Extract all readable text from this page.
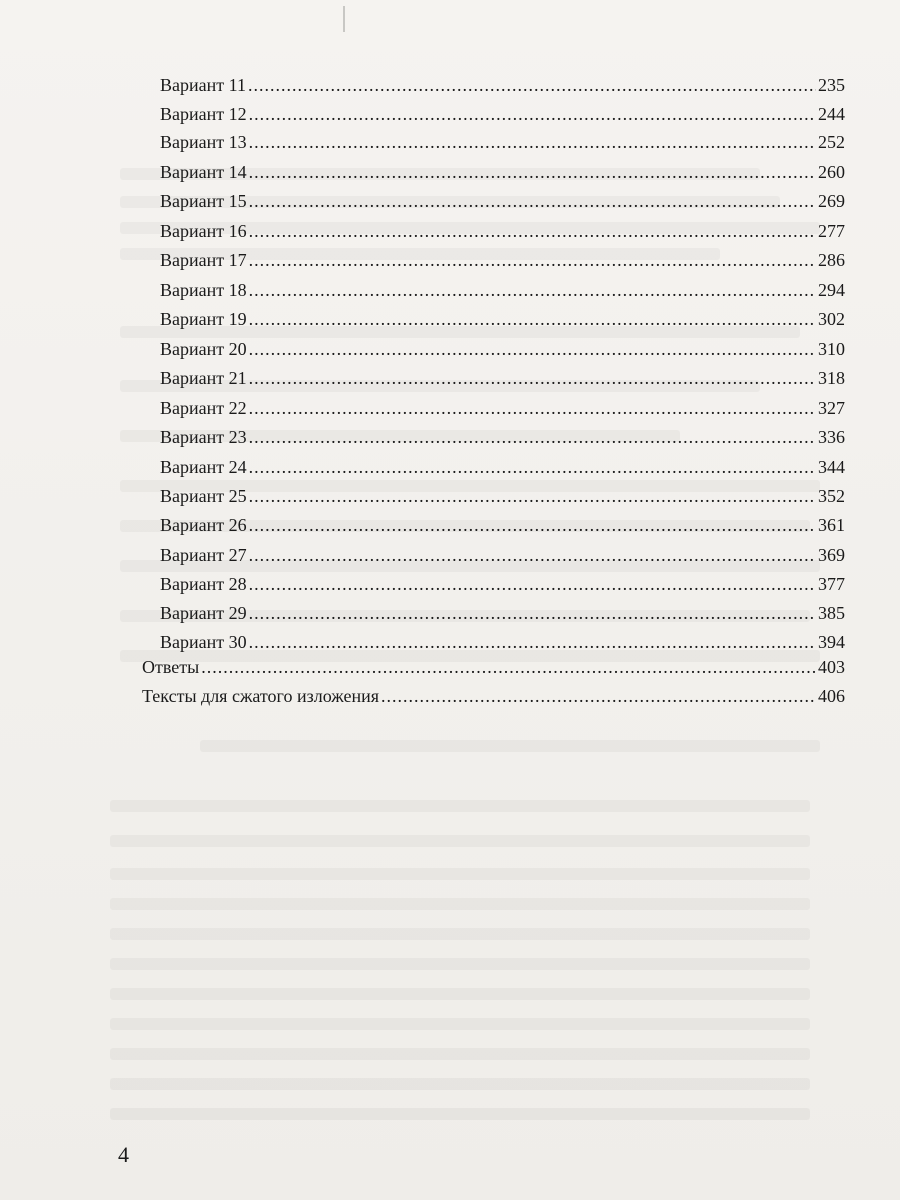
Вариант 11 .....	235
Вариант 12 .....	244
Вариант 13 .....	252
Вариант 14 .....	260
Вариант 15 .....	269
Вариант 16 .....	277
Вариант 17 .....	286
Вариант 18 .....	294
Вариант 19 .....	302
Вариант 20 .....	310
Вариант 21 .....	318
Вариант 22 .....	327
Вариант 23 .....	336
Вариант 24 .....	344
Вариант 25 .....	352
Вариант 26 .....	361
Вариант 27 .....	369
Вариант 28 .....	377
Вариант 29 .....	385
Вариант 30 .....	394
Ответы .....	403
Тексты для сжатого изложения .....	406
4
